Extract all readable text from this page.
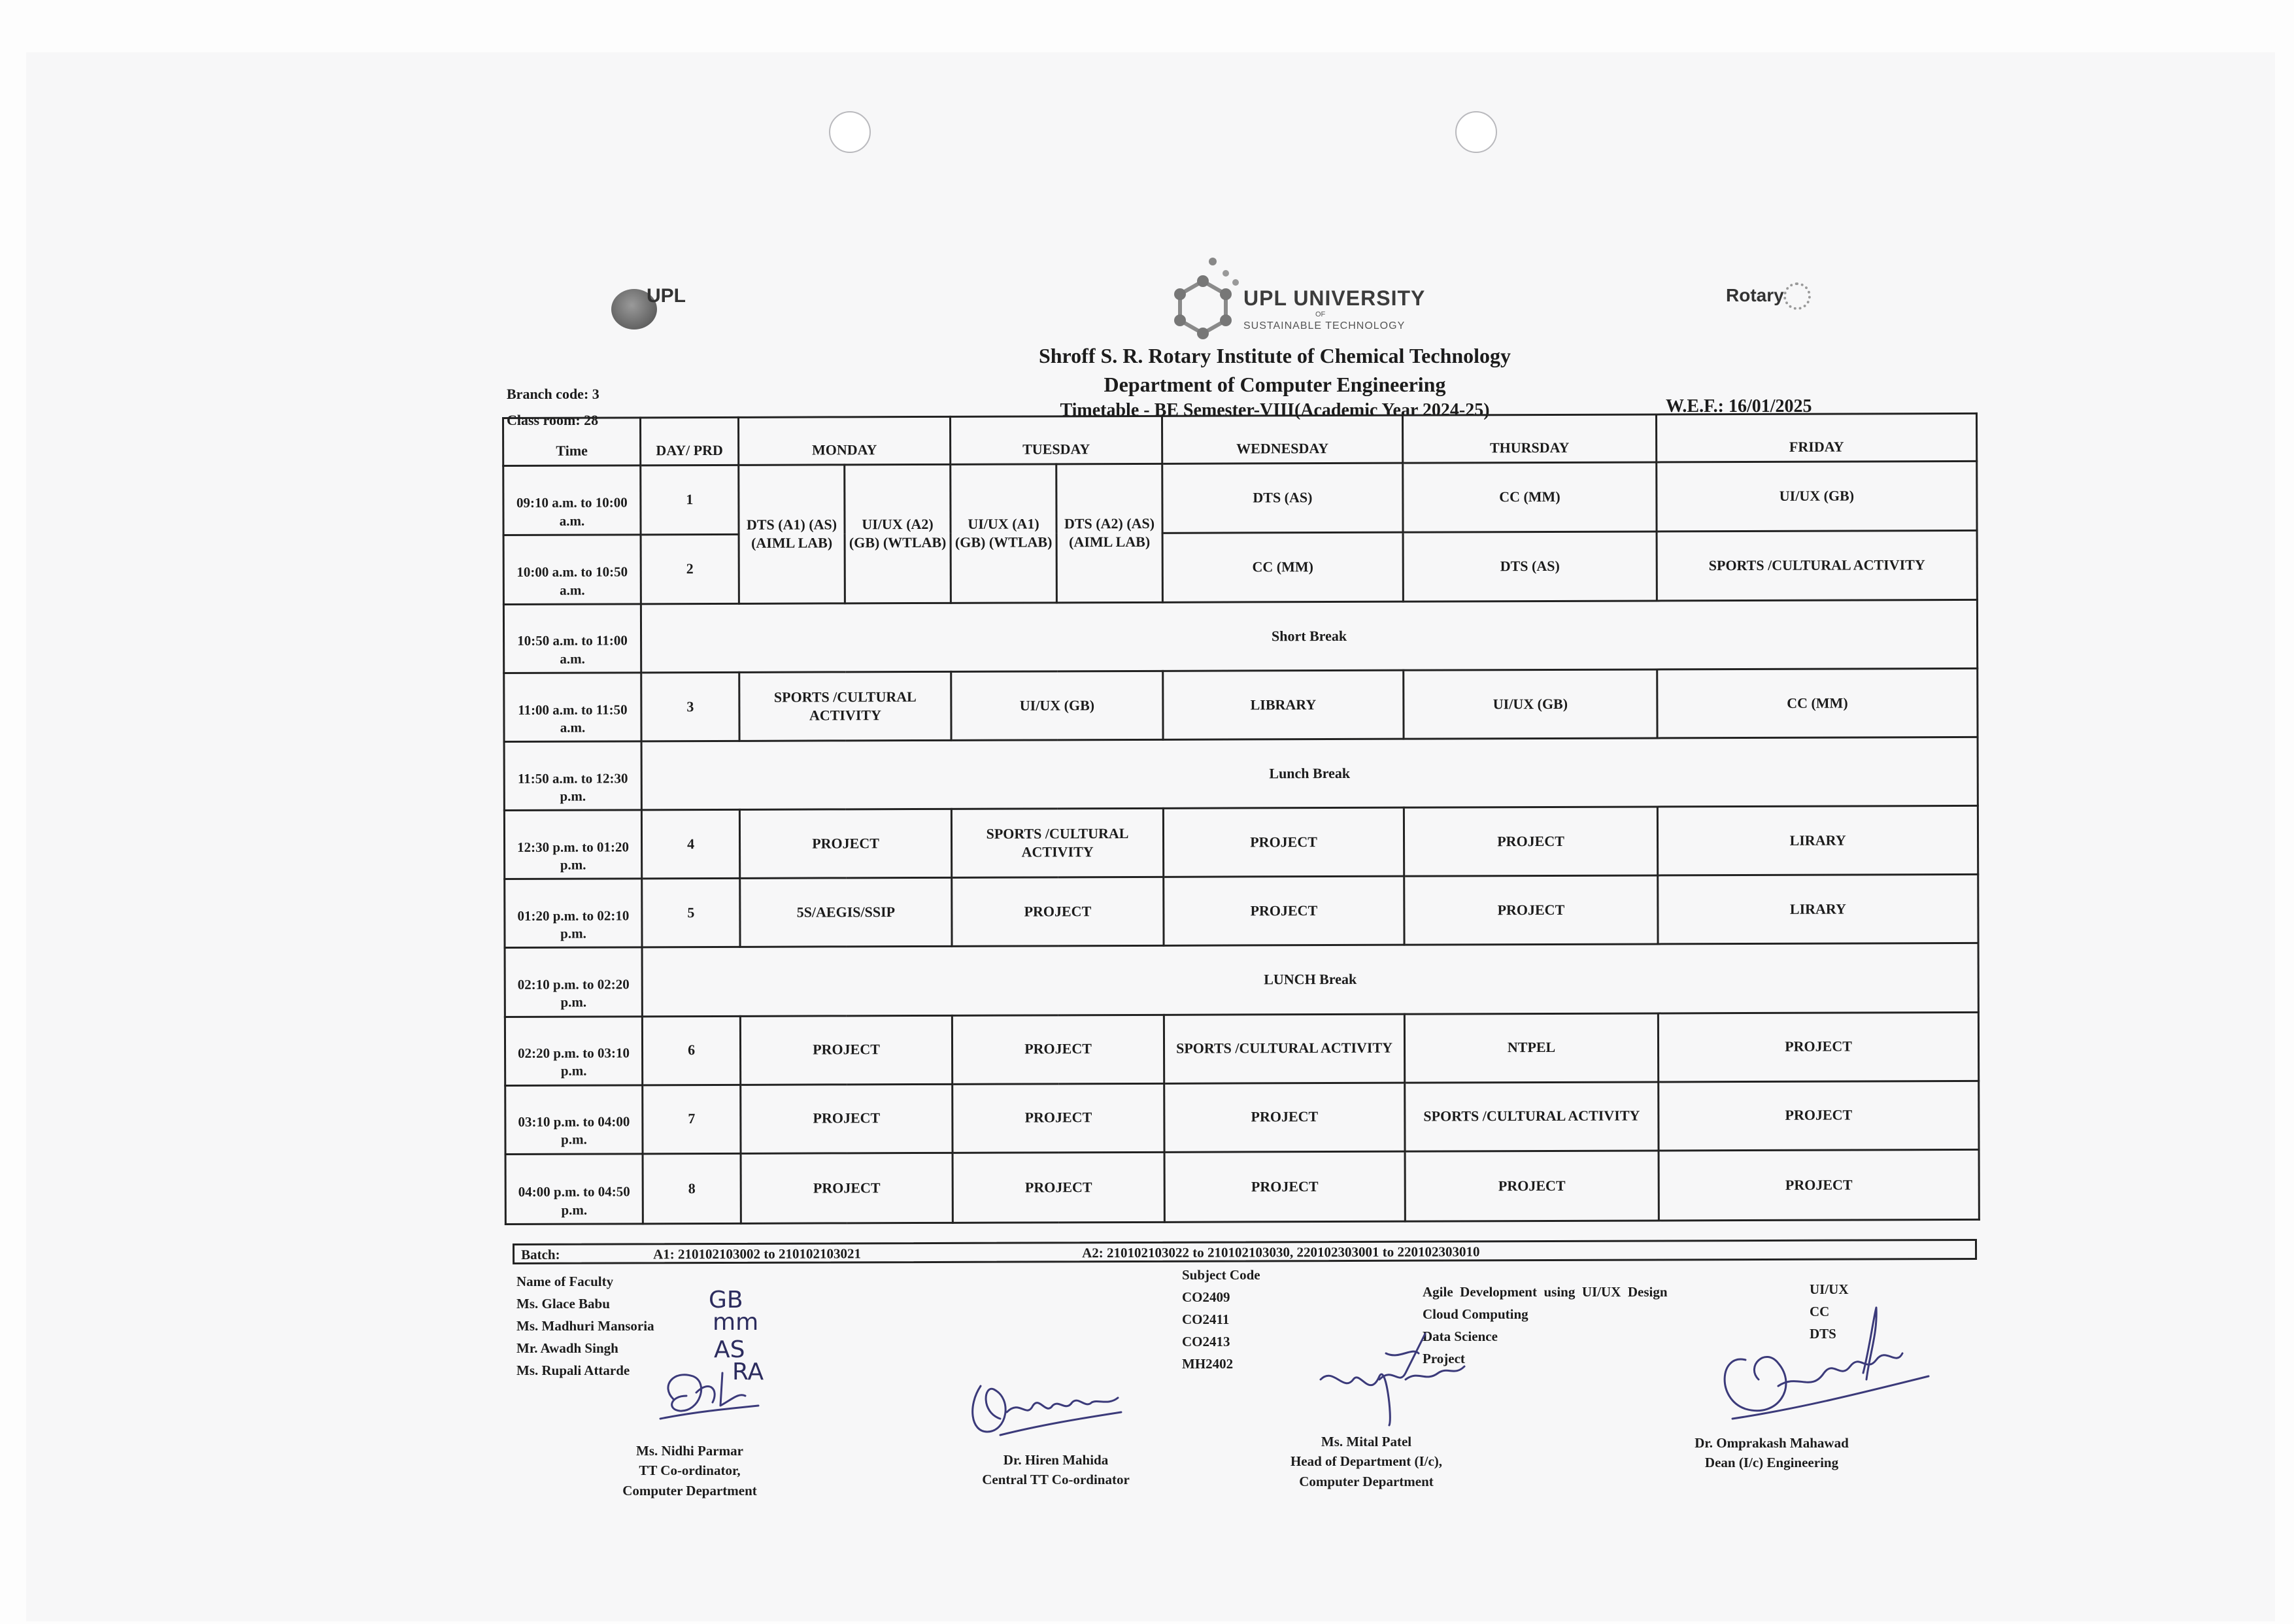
UPL	UPL UNIVERSITY
OF
SUSTAINABLE TECHNOLOGY
Rotary
Shroff S. R. Rotary Institute of Chemical Technology
Department of Computer Engineering
Timetable - BE Semester-VIII(Academic Year 2024-25)	W.E.F.: 16/01/2025
Branch code: 3
Class room: 28
Time	DAY/ PRD	MONDAY		TUESDAY		WEDNESDAY	THURSDAY	FRIDAY
09:10 a.m. to 10:00 a.m.	1	DTS (A1) (AS) (AIML LAB)	UI/UX (A2) (GB) (WTLAB)	UI/UX (A1) (GB) (WTLAB)	DTS (A2) (AS) (AIML LAB)	DTS (AS)	CC (MM)	UI/UX (GB)
10:00 a.m. to 10:50 a.m.	2					CC (MM)	DTS (AS)	SPORTS /CULTURAL ACTIVITY
10:50 a.m. to 11:00 a.m.	Short Break							
11:00 a.m. to 11:50 a.m.	3	SPORTS /CULTURAL ACTIVITY		UI/UX (GB)		LIBRARY	UI/UX (GB)	CC (MM)
11:50 a.m. to 12:30 p.m.	Lunch Break							
12:30 p.m. to 01:20 p.m.	4	PROJECT		SPORTS /CULTURAL ACTIVITY		PROJECT	PROJECT	LIRARY
01:20 p.m. to 02:10 p.m.	5	5S/AEGIS/SSIP		PROJECT		PROJECT	PROJECT	LIRARY
02:10 p.m. to 02:20 p.m.	LUNCH Break							
02:20 p.m. to 03:10 p.m.	6	PROJECT		PROJECT		SPORTS /CULTURAL ACTIVITY	NTPEL	PROJECT
03:10 p.m. to 04:00 p.m.	7	PROJECT		PROJECT		PROJECT	SPORTS /CULTURAL ACTIVITY	PROJECT
04:00 p.m. to 04:50 p.m.	8	PROJECT		PROJECT		PROJECT	PROJECT	PROJECT
Batch:	A1: 210102103002 to 210102103021	A2: 210102103022 to 210102103030, 220102303001 to 220102303010
Name of Faculty
Ms. Glace Babu
Ms. Madhuri Mansoria
Mr. Awadh Singh
Ms. Rupali Attarde
GB
mm
AS
RA
Subject Code
CO2409
CO2411
CO2413
MH2402
Agile  Development  using  UI/UX  Design
Cloud Computing
Data Science
Project
UI/UX
CC
DTS
Ms. Nidhi Parmar
TT Co-ordinator,
Computer Department
Dr. Hiren Mahida
Central TT Co-ordinator
Ms. Mital Patel
Head of Department (I/c),
Computer Department
Dr. Omprakash Mahawad
Dean (I/c) Engineering
